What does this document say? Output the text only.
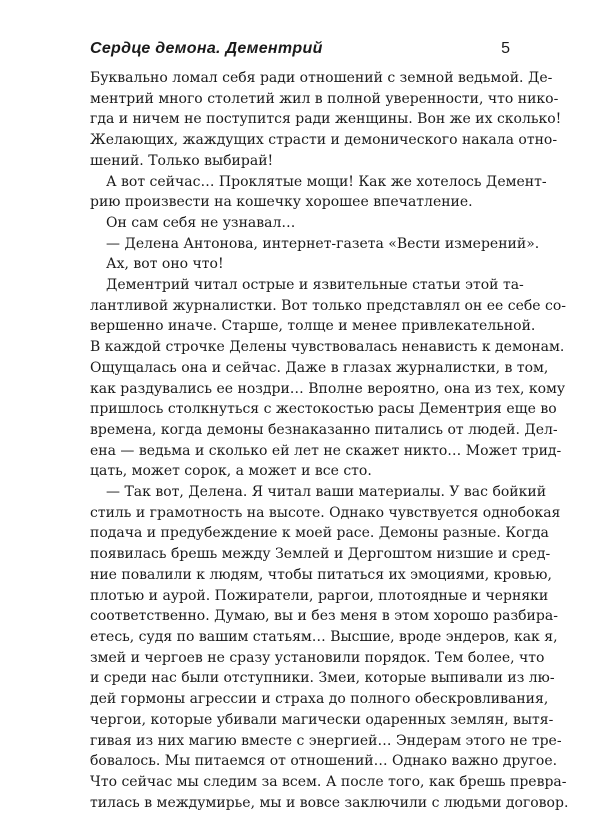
Сердце демона. Дементрий	5
Буквально ломал себя ради отношений с земной ведьмой. Де-
ментрий много столетий жил в полной уверенности, что нико-
гда и ничем не поступится ради женщины. Вон же их сколько!
Желающих, жаждущих страсти и демонического накала отно-
шений. Только выбирай!
А вот сейчас… Проклятые мощи! Как же хотелось Демент-
рию произвести на кошечку хорошее впечатление.
Он сам себя не узнавал…
— Делена Антонова, интернет-газета «Вести измерений».
Ах, вот оно что!
Дементрий читал острые и язвительные статьи этой та-
лантливой журналистки. Вот только представлял он ее себе со-
вершенно иначе. Старше, толще и менее привлекательной.
В каждой строчке Делены чувствовалась ненависть к демонам.
Ощущалась она и сейчас. Даже в глазах журналистки, в том,
как раздувались ее ноздри… Вполне вероятно, она из тех, кому
пришлось столкнуться с жестокостью расы Дементрия еще во
времена, когда демоны безнаказанно питались от людей. Дел-
ена — ведьма и сколько ей лет не скажет никто… Может трид-
цать, может сорок, а может и все сто.
— Так вот, Делена. Я читал ваши материалы. У вас бойкий
стиль и грамотность на высоте. Однако чувствуется однобокая
подача и предубеждение к моей расе. Демоны разные. Когда
появилась брешь между Землей и Дергоштом низшие и сред-
ние повалили к людям, чтобы питаться их эмоциями, кровью,
плотью и аурой. Пожиратели, раргои, плотоядные и черняки
соответственно. Думаю, вы и без меня в этом хорошо разбира-
етесь, судя по вашим статьям… Высшие, вроде эндеров, как я,
змей и чергоев не сразу установили порядок. Тем более, что
и среди нас были отступники. Змеи, которые выпивали из лю-
дей гормоны агрессии и страха до полного обескровливания,
чергои, которые убивали магически одаренных землян, вытя-
гивая из них магию вместе с энергией… Эндерам этого не тре-
бовалось. Мы питаемся от отношений… Однако важно другое.
Что сейчас мы следим за всем. А после того, как брешь превра-
тилась в междумирье, мы и вовсе заключили с людьми договор.
